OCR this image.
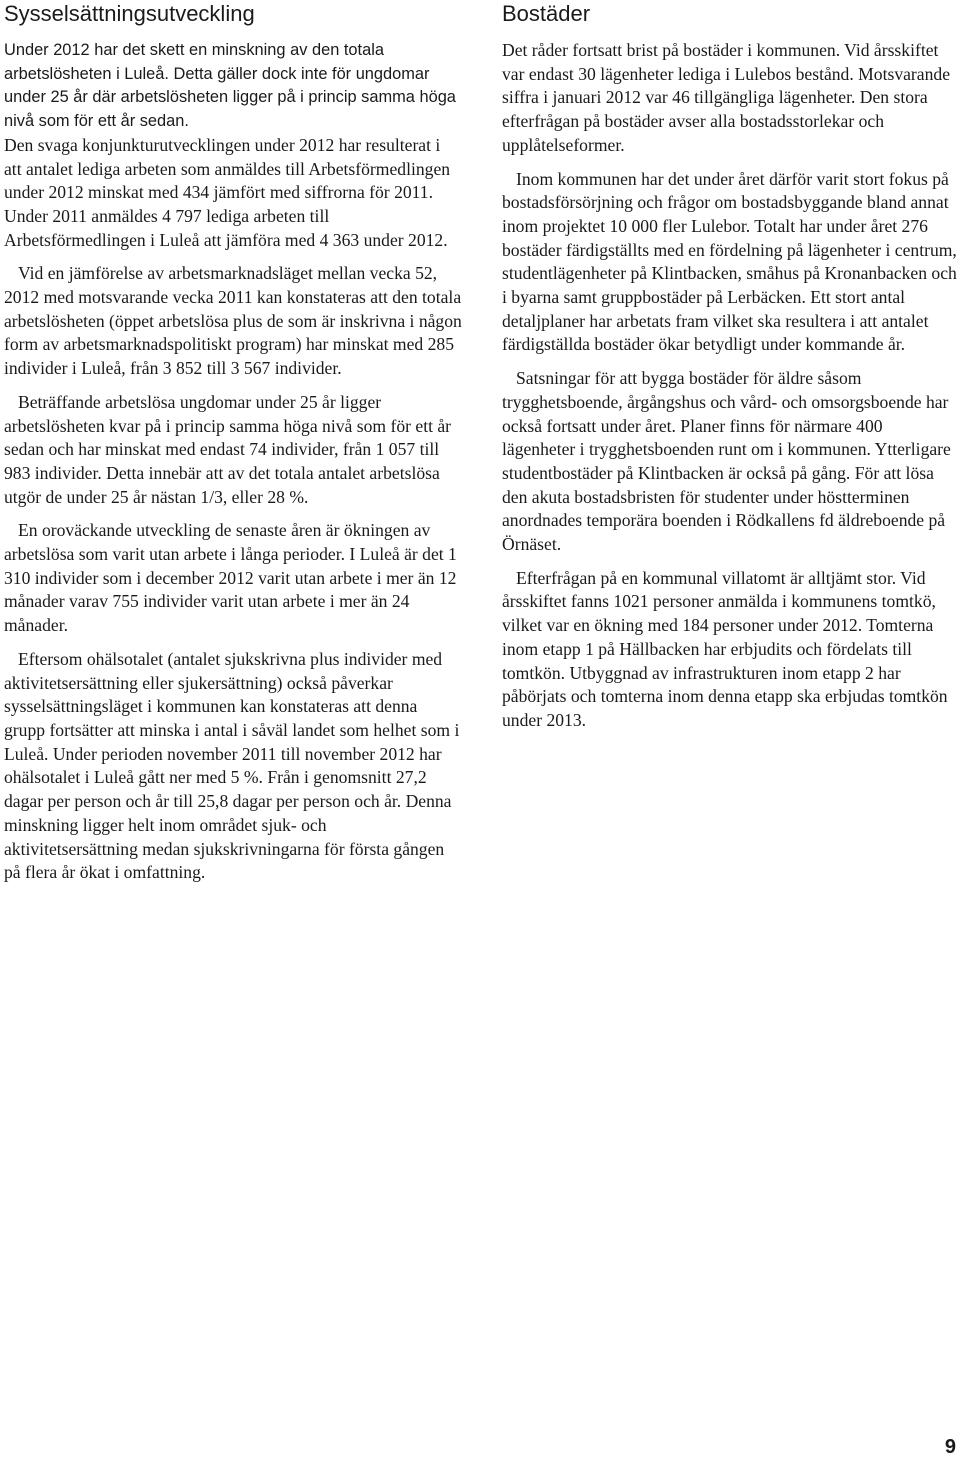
Sysselsättningsutveckling

Under 2012 har det skett en minskning av den totala arbetslösheten i Luleå. Detta gäller dock inte för ungdomar under 25 år där arbetslösheten ligger på i princip samma höga nivå som för ett år sedan.

Den svaga konjunkturutvecklingen under 2012 har resulterat i att antalet lediga arbeten som anmäldes till Arbetsförmedlingen under 2012 minskat med 434 jämfört med siffrorna för 2011. Under 2011 anmäldes 4 797 lediga arbeten till Arbetsförmedlingen i Luleå att jämföra med 4 363 under 2012.

Vid en jämförelse av arbetsmarknadsläget mellan vecka 52, 2012 med motsvarande vecka 2011 kan konstateras att den totala arbetslösheten (öppet arbetslösa plus de som är inskrivna i någon form av arbetsmarknadspolitiskt program) har minskat med 285 individer i Luleå, från 3 852 till 3 567 individer.

Beträffande arbetslösa ungdomar under 25 år ligger arbetslösheten kvar på i princip samma höga nivå som för ett år sedan och har minskat med endast 74 individer, från 1 057 till 983 individer. Detta innebär att av det totala antalet arbetslösa utgör de under 25 år nästan 1/3, eller 28 %.

En oroväckande utveckling de senaste åren är ökningen av arbetslösa som varit utan arbete i långa perioder. I Luleå är det 1 310 individer som i december 2012 varit utan arbete i mer än 12 månader varav 755 individer varit utan arbete i mer än 24 månader.

Eftersom ohälsotalet (antalet sjukskrivna plus individer med aktivitetsersättning eller sjukersättning) också påverkar sysselsättningsläget i kommunen kan konstateras att denna grupp fortsätter att minska i antal i såväl landet som helhet som i Luleå. Under perioden november 2011 till november 2012 har ohälsotalet i Luleå gått ner med 5 %. Från i genomsnitt 27,2 dagar per person och år till 25,8 dagar per person och år. Denna minskning ligger helt inom området sjuk- och aktivitetsersättning medan sjukskrivningarna för första gången på flera år ökat i omfattning.

Bostäder

Det råder fortsatt brist på bostäder i kommunen. Vid årsskiftet var endast 30 lägenheter lediga i Lulebos bestånd. Motsvarande siffra i januari 2012 var 46 tillgängliga lägenheter. Den stora efterfrågan på bostäder avser alla bostadsstorlekar och upplåtelseformer.

Inom kommunen har det under året därför varit stort fokus på bostadsförsörjning och frågor om bostadsbyggande bland annat inom projektet 10 000 fler Lulebor. Totalt har under året 276 bostäder färdigställts med en fördelning på lägenheter i centrum, studentlägenheter på Klintbacken, småhus på Kronanbacken och i byarna samt gruppbostäder på Lerbäcken. Ett stort antal detaljplaner har arbetats fram vilket ska resultera i att antalet färdigställda bostäder ökar betydligt under kommande år.

Satsningar för att bygga bostäder för äldre såsom trygghetsboende, årgångshus och vård- och omsorgsboende har också fortsatt under året. Planer finns för närmare 400 lägenheter i trygghetsboenden runt om i kommunen. Ytterligare studentbostäder på Klintbacken är också på gång. För att lösa den akuta bostadsbristen för studenter under höstterminen anordnades temporära boenden i Rödkallens fd äldreboende på Örnäset.

Efterfrågan på en kommunal villatomt är alltjämt stor. Vid årsskiftet fanns 1021 personer anmälda i kommunens tomtkö, vilket var en ökning med 184 personer under 2012. Tomterna inom etapp 1 på Hällbacken har erbjudits och fördelats till tomtkön. Utbyggnad av infrastrukturen inom etapp 2 har påbörjats och tomterna inom denna etapp ska erbjudas tomtkön under 2013.

9
